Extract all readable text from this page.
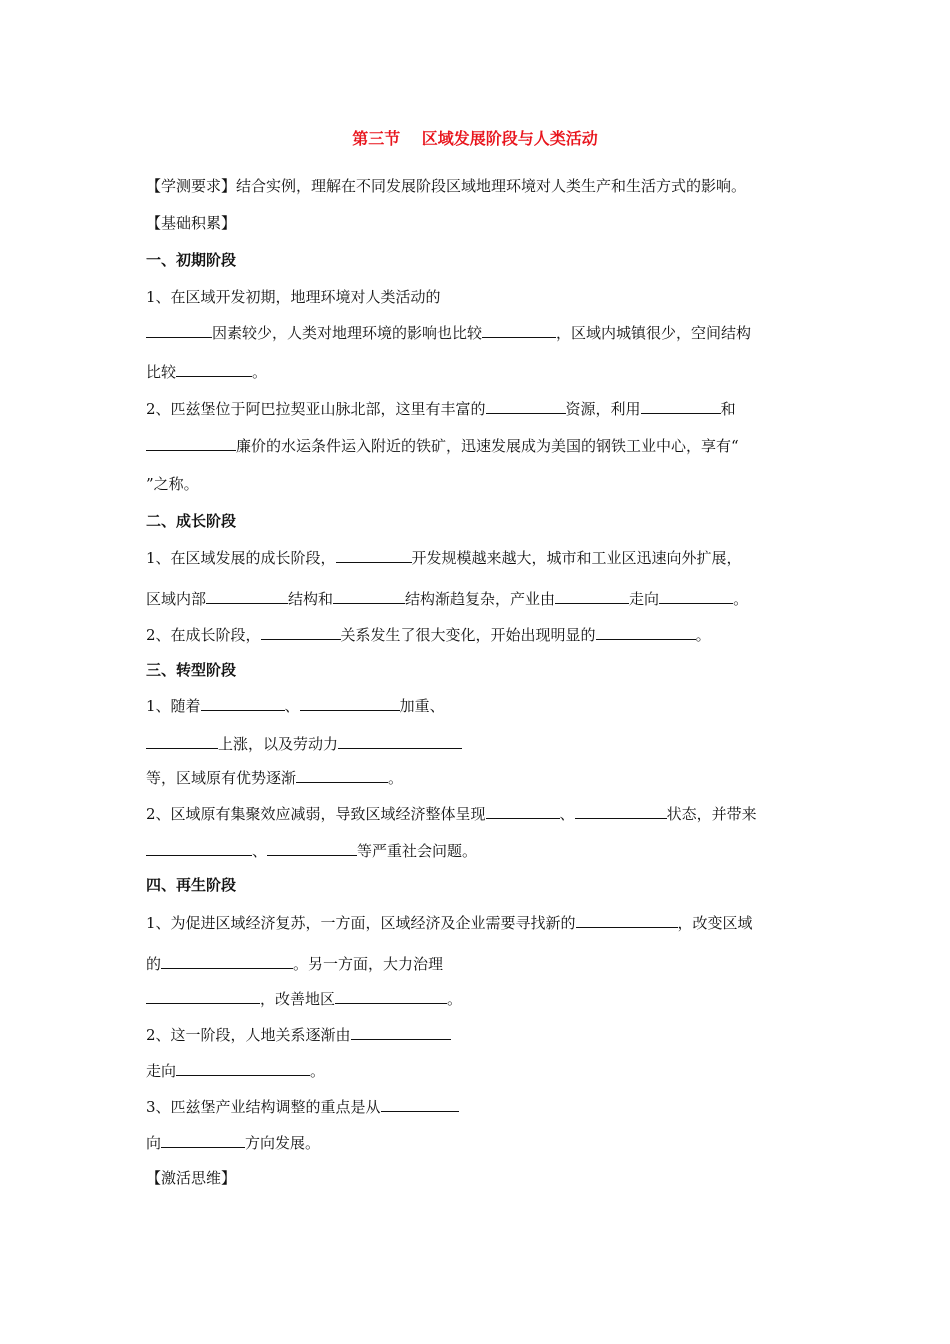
第三节　 区域发展阶段与人类活动
【学测要求】结合实例，理解在不同发展阶段区域地理环境对人类生产和生活方式的影响。
【基础积累】
一、初期阶段
1、在区域开发初期，地理环境对人类活动的
因素较少，人类对地理环境的影响也比较	，区域内城镇很少，空间结构
比较	。
2、匹兹堡位于阿巴拉契亚山脉北部，这里有丰富的	资源，利用	和
廉价的水运条件运入附近的铁矿，迅速发展成为美国的钢铁工业中心，享有“
”之称。
二、成长阶段
1、在区域发展的成长阶段，	开发规模越来越大，城市和工业区迅速向外扩展，
区域内部	结构和	结构渐趋复杂，产业由	走向	。
2、在成长阶段，	关系发生了很大变化，开始出现明显的	。
三、转型阶段
1、随着	、	加重、
上涨，以及劳动力
等，区域原有优势逐渐	。
2、区域原有集聚效应减弱，导致区域经济整体呈现	、	状态，并带来
、	等严重社会问题。
四、再生阶段
1、为促进区域经济复苏，一方面，区域经济及企业需要寻找新的	，改变区域
的	。另一方面，大力治理
，改善地区	。
2、这一阶段，人地关系逐渐由
走向	。
3、匹兹堡产业结构调整的重点是从
向	方向发展。
【激活思维】
